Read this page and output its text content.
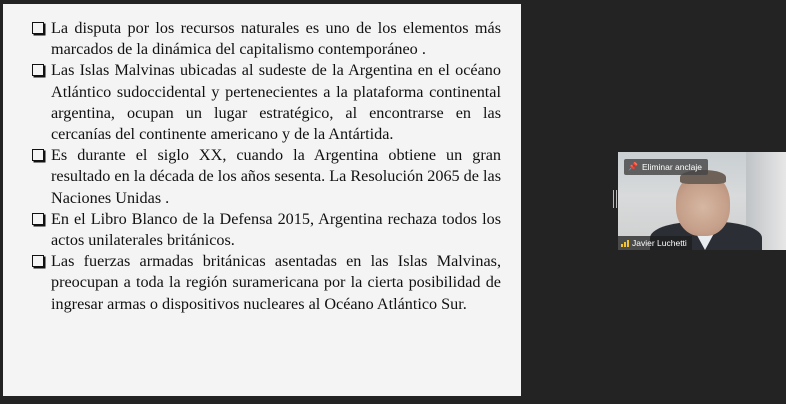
La disputa por los recursos naturales es uno de los elementos más marcados de la dinámica del capitalismo contemporáneo .
Las Islas Malvinas ubicadas al sudeste de la Argentina en el océano Atlántico sudoccidental y pertenecientes a la plataforma continental argentina, ocupan un lugar estratégico, al encontrarse en las cercanías del continente americano y de la Antártida.
Es durante el siglo XX, cuando la Argentina obtiene un gran resultado en la década de los años sesenta. La Resolución 2065 de las Naciones Unidas .
En el Libro Blanco de la Defensa 2015, Argentina rechaza todos los actos unilaterales británicos.
Las fuerzas armadas británicas asentadas en las Islas Malvinas, preocupan a toda la región suramericana por la cierta posibilidad de ingresar armas o dispositivos nucleares al Océano Atlántico Sur.
📌 Eliminar anclaje
Javier Luchetti
